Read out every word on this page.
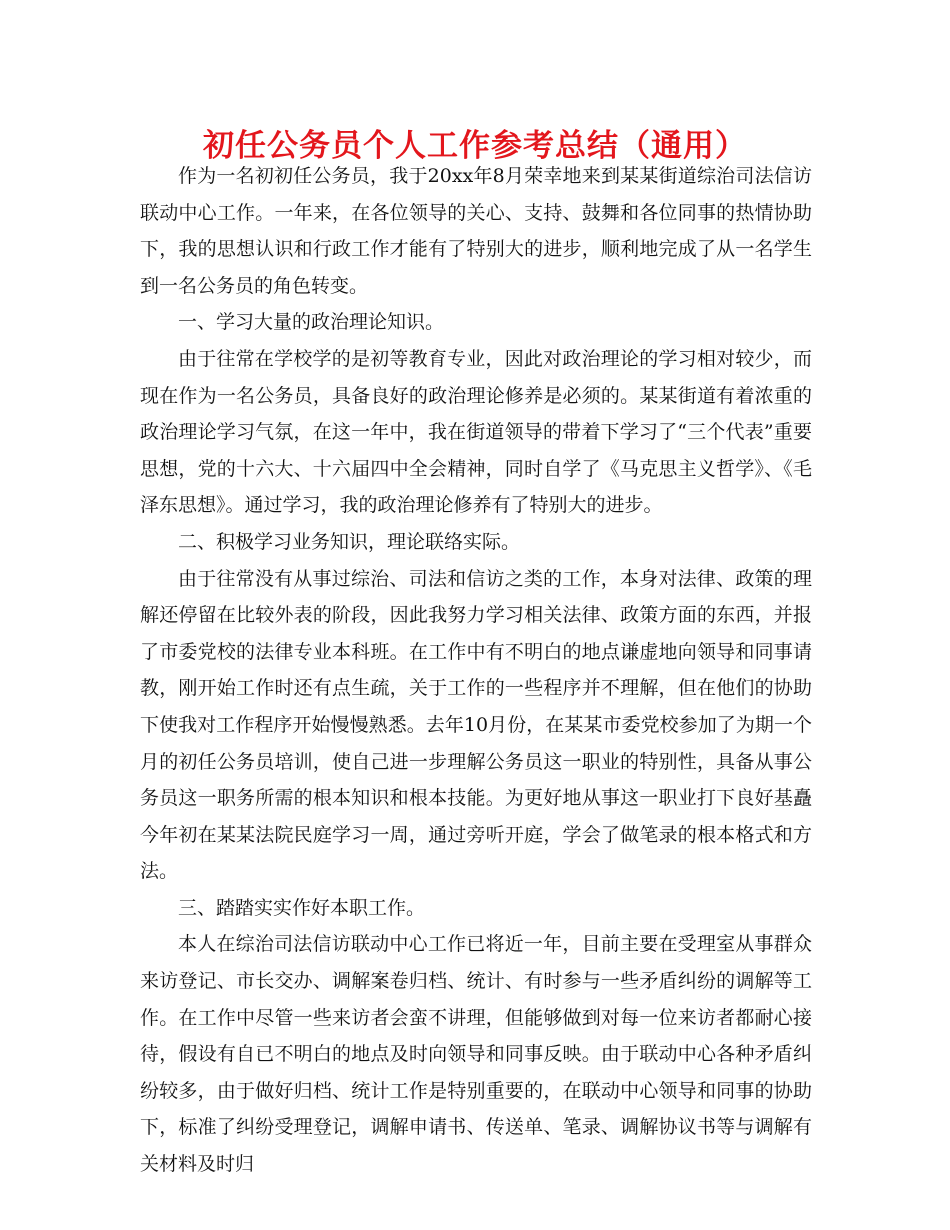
初任公务员个人工作参考总结（通用）

作为一名初初任公务员，我于20xx年8月荣幸地来到某某街道综治司法信访联动中心工作。一年来，在各位领导的关心、支持、鼓舞和各位同事的热情协助下，我的思想认识和行政工作才能有了特别大的进步，顺利地完成了从一名学生到一名公务员的角色转变。

一、学习大量的政治理论知识。

由于往常在学校学的是初等教育专业，因此对政治理论的学习相对较少，而现在作为一名公务员，具备良好的政治理论修养是必须的。某某街道有着浓重的政治理论学习气氛，在这一年中，我在街道领导的带着下学习了“三个代表”重要思想，党的十六大、十六届四中全会精神，同时自学了《马克思主义哲学》、《毛泽东思想》。通过学习，我的政治理论修养有了特别大的进步。

二、积极学习业务知识，理论联络实际。

由于往常没有从事过综治、司法和信访之类的工作，本身对法律、政策的理解还停留在比较外表的阶段，因此我努力学习相关法律、政策方面的东西，并报了市委党校的法律专业本科班。在工作中有不明白的地点谦虚地向领导和同事请教，刚开始工作时还有点生疏，关于工作的一些程序并不理解，但在他们的协助下使我对工作程序开始慢慢熟悉。去年10月份，在某某市委党校参加了为期一个月的初任公务员培训，使自己进一步理解公务员这一职业的特别性，具备从事公务员这一职务所需的根本知识和根本技能。为更好地从事这一职业打下良好基矗今年初在某某法院民庭学习一周，通过旁听开庭，学会了做笔录的根本格式和方法。

三、踏踏实实作好本职工作。

本人在综治司法信访联动中心工作已将近一年，目前主要在受理室从事群众来访登记、市长交办、调解案卷归档、统计、有时参与一些矛盾纠纷的调解等工作。在工作中尽管一些来访者会蛮不讲理，但能够做到对每一位来访者都耐心接待，假设有自已不明白的地点及时向领导和同事反映。由于联动中心各种矛盾纠纷较多，由于做好归档、统计工作是特别重要的，在联动中心领导和同事的协助下，标准了纠纷受理登记，调解申请书、传送单、笔录、调解协议书等与调解有关材料及时归
